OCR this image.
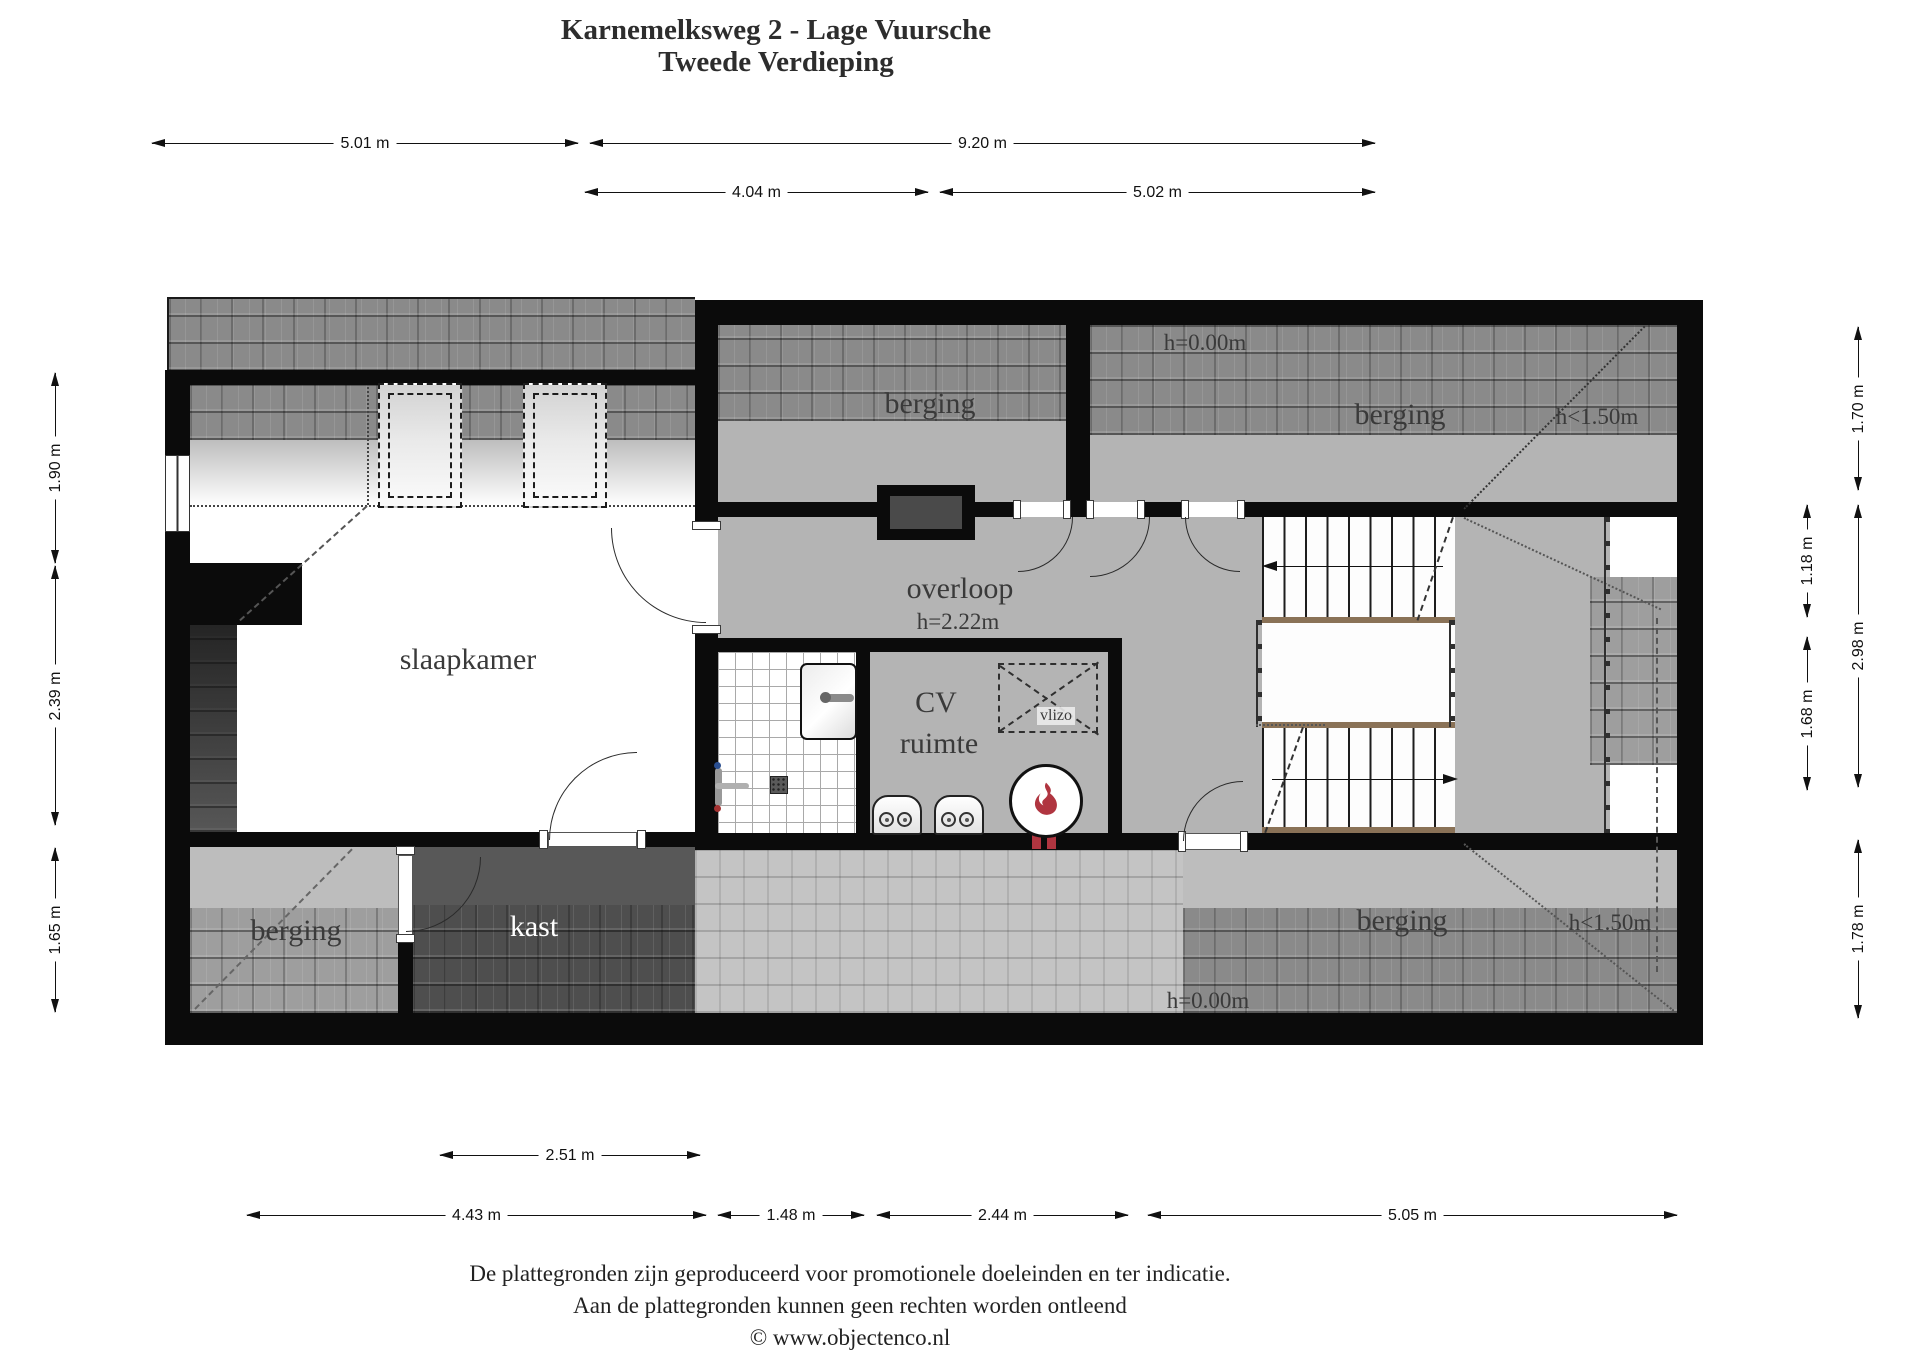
Karnemelksweg 2 - Lage Vuursche
Tweede Verdieping
berging
h=0.00m
berging	h<1.50m
overloop
h=2.22m
slaapkamer
CV
ruimte
vlizo
kast
berging	berging	h<1.50m
h=0.00m
5.01 m	9.20 m
4.04 m	5.02 m
2.51 m
4.43 m	1.48 m	2.44 m	5.05 m
1.90 m
2.39 m
1.65 m
1.70 m
2.98 m
1.78 m
1.18 m
1.68 m
De plattegronden zijn geproduceerd voor promotionele doeleinden en ter indicatie.
Aan de plattegronden kunnen geen rechten worden ontleend
© www.objectenco.nl
